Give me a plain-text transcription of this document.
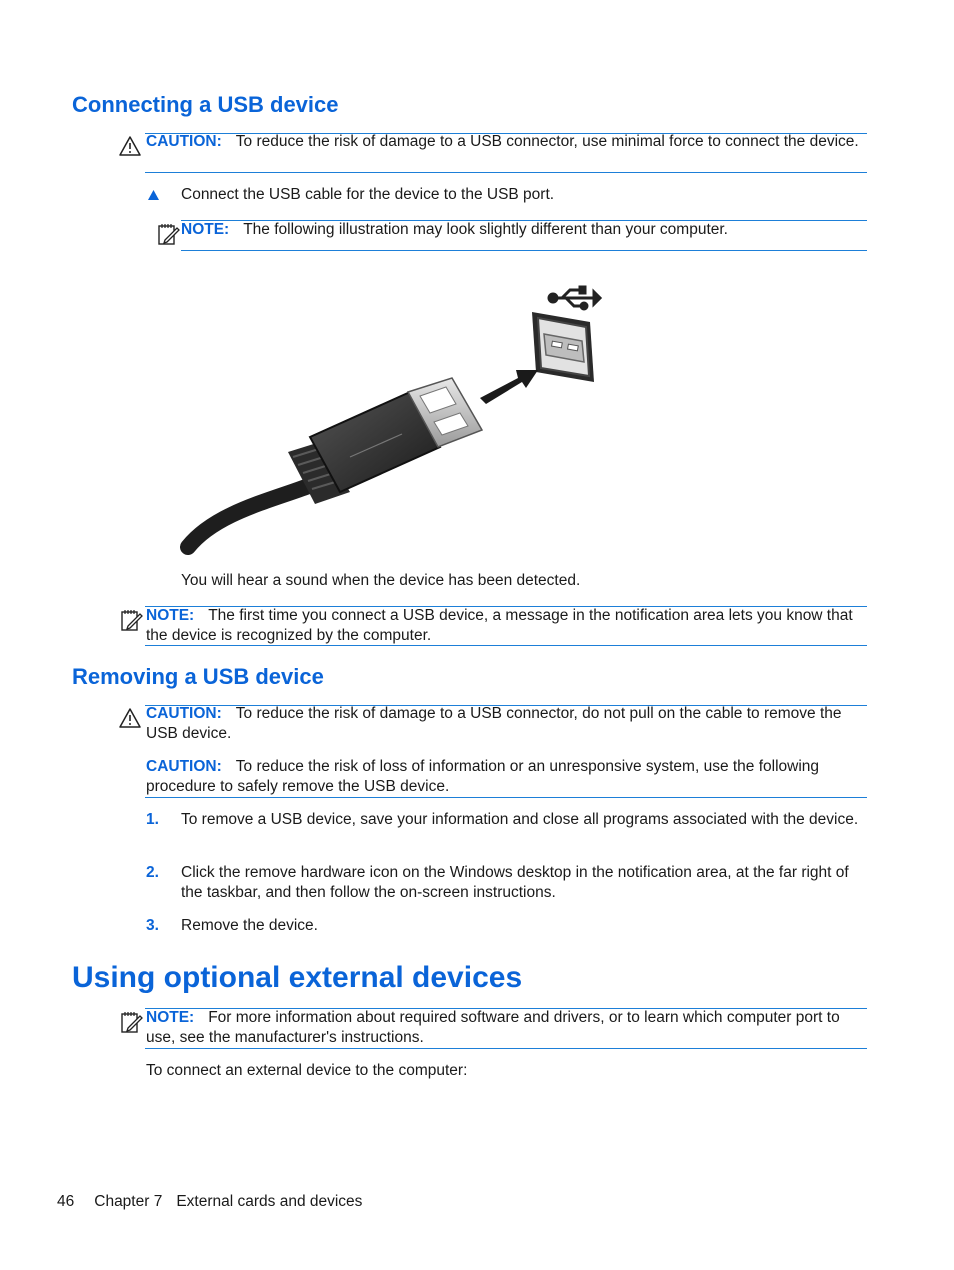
Connecting a USB device
CAUTION: To reduce the risk of damage to a USB connector, use minimal force to connect the device.
Connect the USB cable for the device to the USB port.
NOTE: The following illustration may look slightly different than your computer.
You will hear a sound when the device has been detected.
NOTE: The first time you connect a USB device, a message in the notification area lets you know that the device is recognized by the computer.
Removing a USB device
CAUTION: To reduce the risk of damage to a USB connector, do not pull on the cable to remove the USB device.
CAUTION: To reduce the risk of loss of information or an unresponsive system, use the following procedure to safely remove the USB device.
1. To remove a USB device, save your information and close all programs associated with the device.
2. Click the remove hardware icon on the Windows desktop in the notification area, at the far right of the taskbar, and then follow the on-screen instructions.
3. Remove the device.
Using optional external devices
NOTE: For more information about required software and drivers, or to learn which computer port to use, see the manufacturer's instructions.
To connect an external device to the computer:
46 Chapter 7 External cards and devices
